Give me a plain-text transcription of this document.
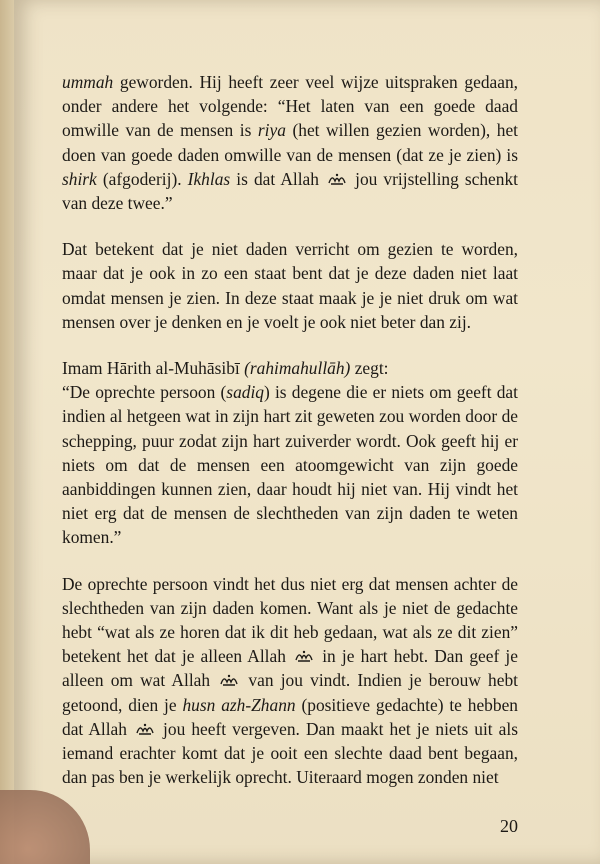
ummah geworden. Hij heeft zeer veel wijze uitspraken gedaan, onder andere het volgende: “Het laten van een goede daad omwille van de mensen is riya (het willen gezien worden), het doen van goede daden omwille van de mensen (dat ze je zien) is shirk (afgoderij). Ikhlas is dat Allah  jou vrijstelling schenkt van deze twee.”

Dat betekent dat je niet daden verricht om gezien te worden, maar dat je ook in zo een staat bent dat je deze daden niet laat omdat mensen je zien. In deze staat maak je je niet druk om wat mensen over je denken en je voelt je ook niet beter dan zij.

Imam Hārith al-Muhāsibī (rahimahullāh) zegt:
“De oprechte persoon (sadiq) is degene die er niets om geeft dat indien al hetgeen wat in zijn hart zit geweten zou worden door de schepping, puur zodat zijn hart zuiverder wordt. Ook geeft hij er niets om dat de mensen een atoomgewicht van zijn goede aanbiddingen kunnen zien, daar houdt hij niet van. Hij vindt het niet erg dat de mensen de slechtheden van zijn daden te weten komen.”

De oprechte persoon vindt het dus niet erg dat mensen achter de slechtheden van zijn daden komen. Want als je niet de gedachte hebt “wat als ze horen dat ik dit heb gedaan, wat als ze dit zien” betekent het dat je alleen Allah  in je hart hebt. Dan geef je alleen om wat Allah  van jou vindt. Indien je berouw hebt getoond, dien je husn azh-Zhann (positieve gedachte) te hebben dat Allah  jou heeft vergeven. Dan maakt het je niets uit als iemand erachter komt dat je ooit een slechte daad bent begaan, dan pas ben je werkelijk oprecht. Uiteraard mogen zonden niet

20
